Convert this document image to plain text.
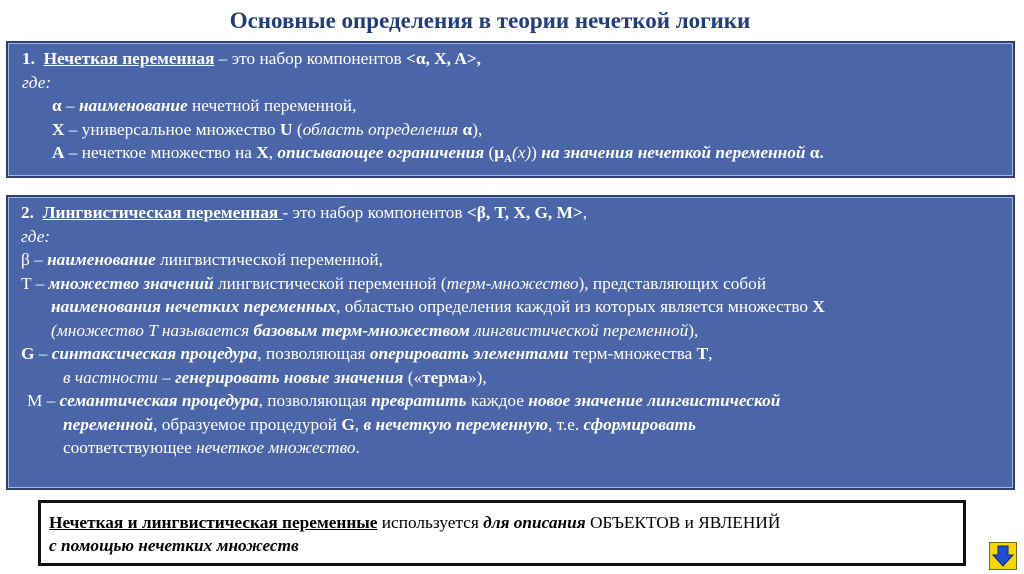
Основные определения в теории нечеткой логики
1. Нечеткая переменная – это набор компонентов <α, X, A>,
где:
α – наименование нечетной переменной,
X – универсальное множество U (область определения α),
A – нечеткое множество на X, описывающее ограничения $(\mu_A(x))$ на значения нечеткой переменной α.
2. Лингвистическая переменная - это набор компонентов <β, T, X, G, M>,
где:
β – наименование лингвистической переменной,
T – множество значений лингвистической переменной (терм-множество), представляющих собой
наименования нечетких переменных, областью определения каждой из которых является множество X
(множество T называется базовым терм-множеством лингвистической переменной),
G – синтаксическая процедура, позволяющая оперировать элементами терм-множества T,
в частности – генерировать новые значения («терма»),
M – семантическая процедура, позволяющая превратить каждое новое значение лингвистической
переменной, образуемое процедурой G, в нечеткую переменную, т.е. сформировать
соответствующее нечеткое множество.
Нечеткая и лингвистическая переменные используется для описания ОБЪЕКТОВ и ЯВЛЕНИЙ
с помощью нечетких множеств
